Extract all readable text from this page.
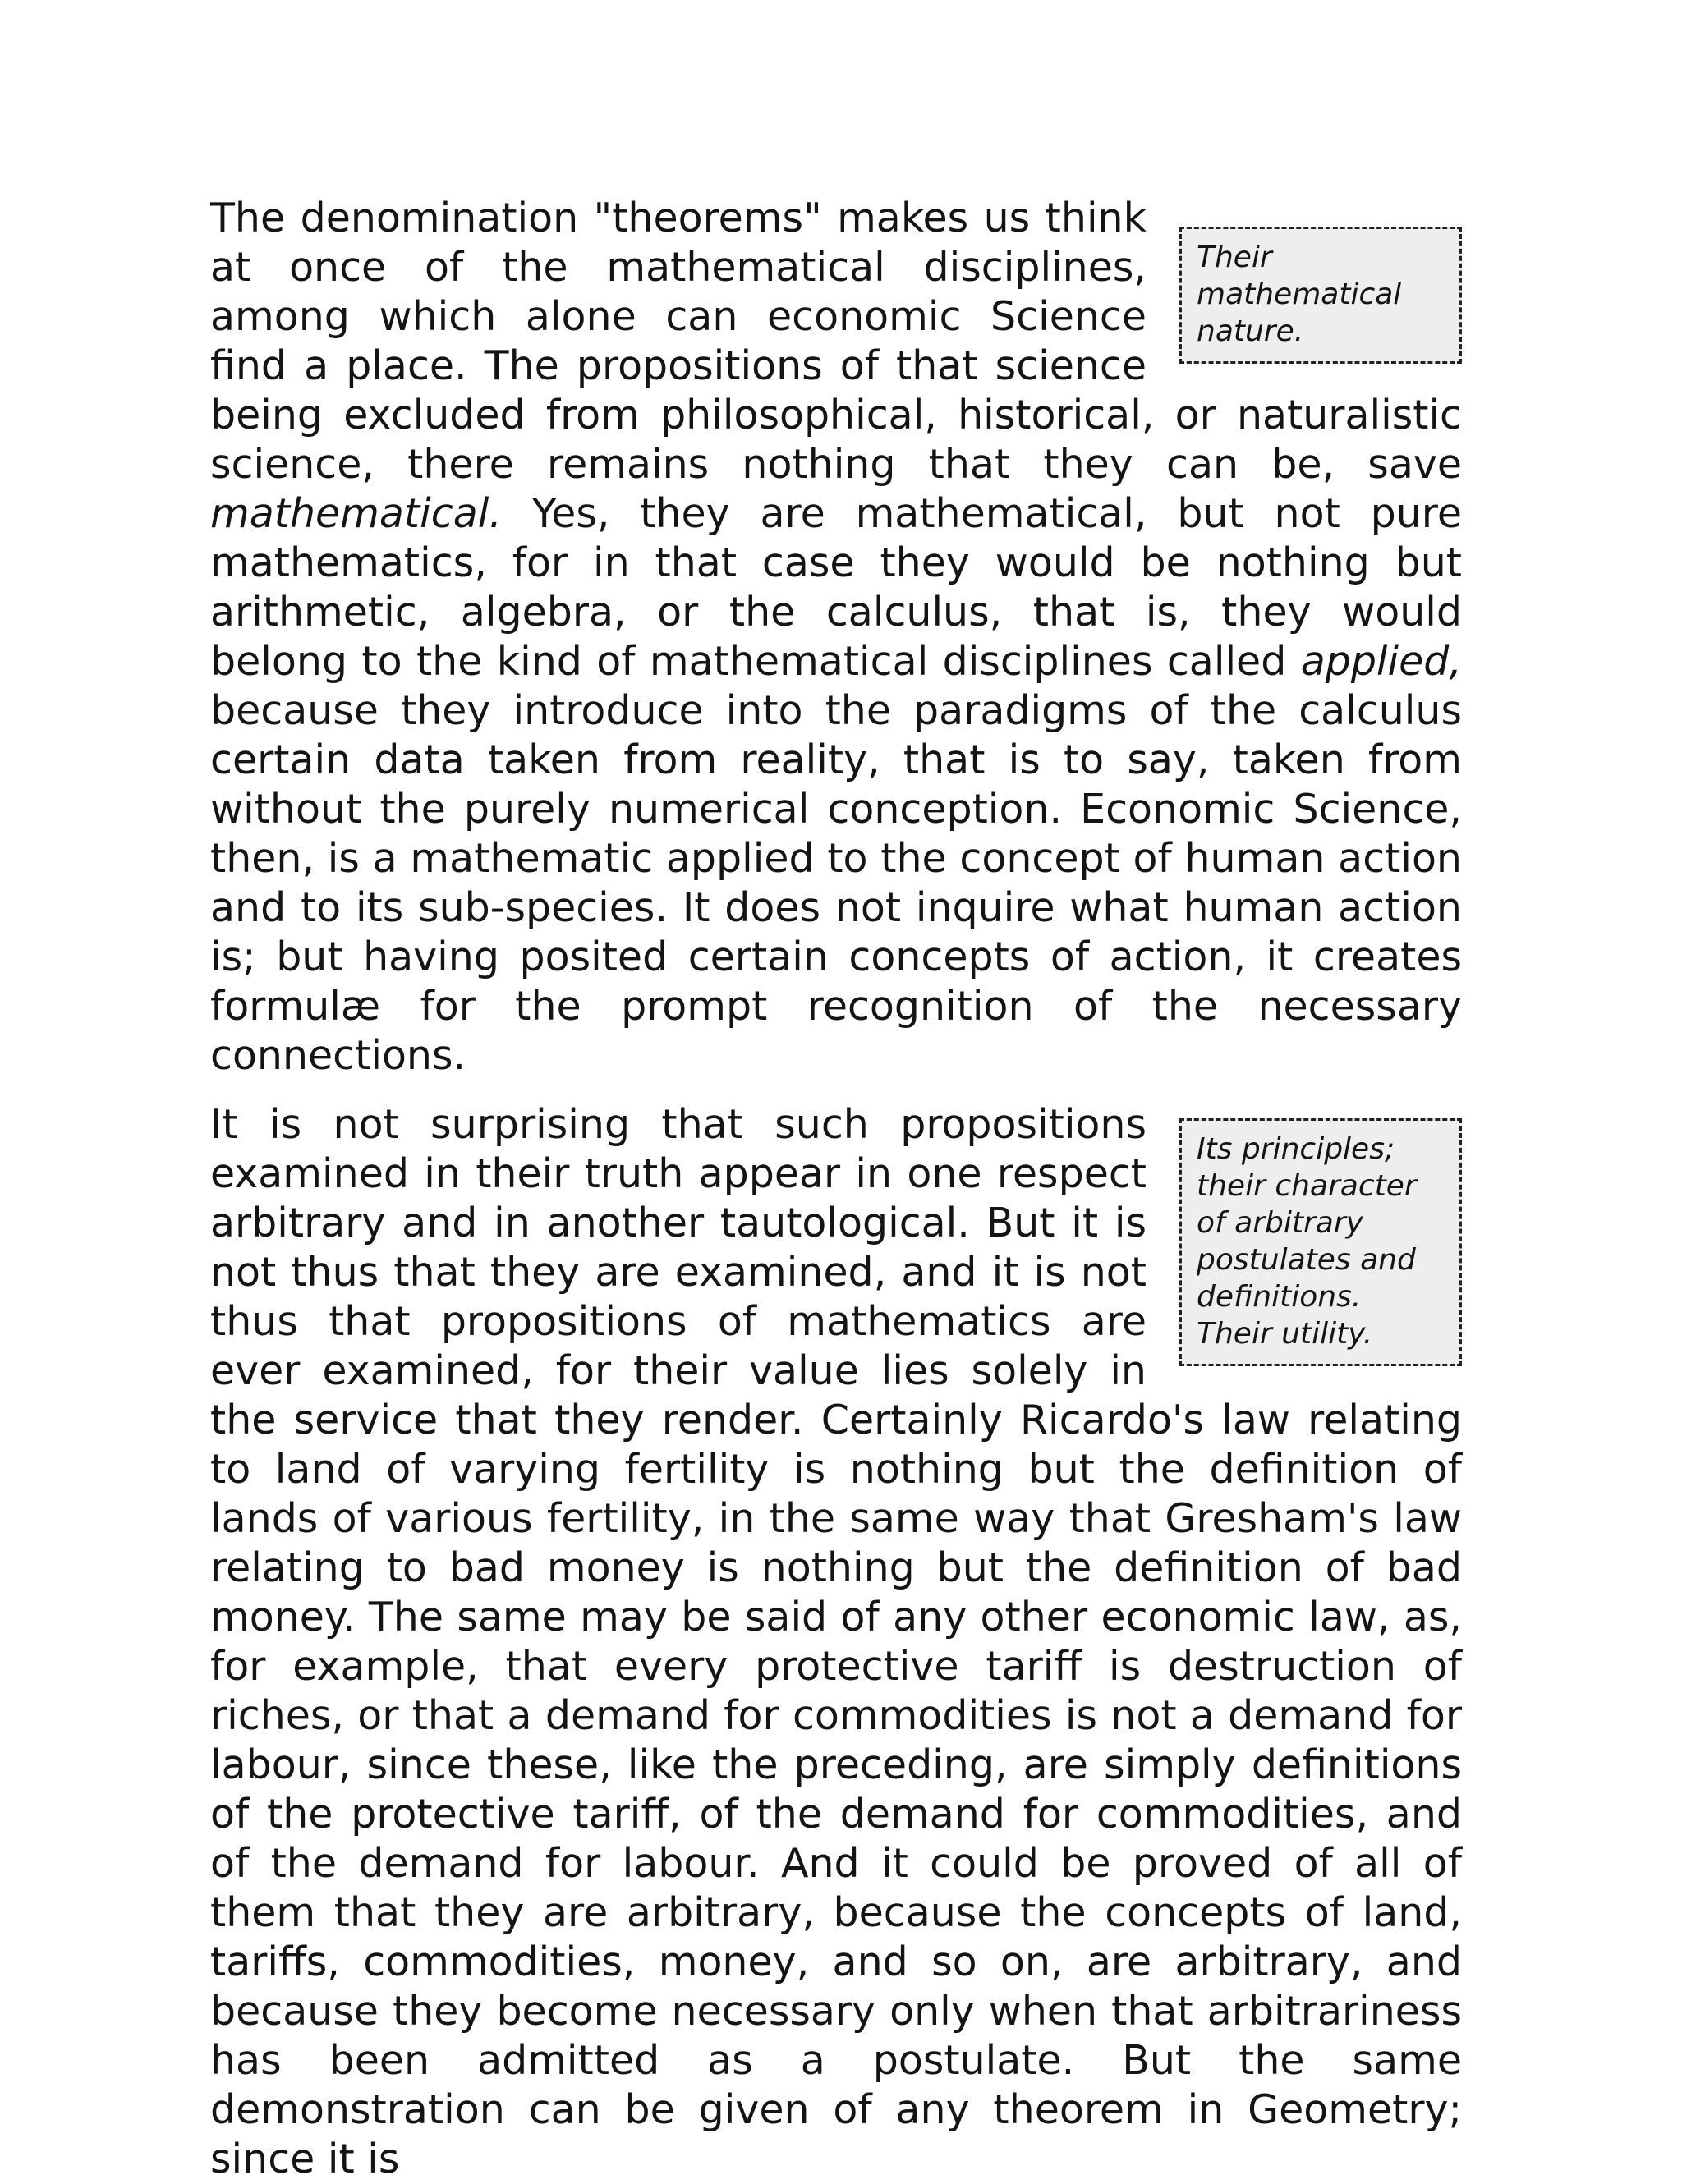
Their mathematical nature.
The denomination "theorems" makes us think at once of the mathematical disciplines, among which alone can economic Science find a place. The propositions of that science being excluded from philosophical, historical, or naturalistic science, there remains nothing that they can be, save mathematical. Yes, they are mathematical, but not pure mathematics, for in that case they would be nothing but arithmetic, algebra, or the calculus, that is, they would belong to the kind of mathematical disciplines called applied, because they introduce into the paradigms of the calculus certain data taken from reality, that is to say, taken from without the purely numerical conception. Economic Science, then, is a mathematic applied to the concept of human action and to its sub-species. It does not inquire what human action is; but having posited certain concepts of action, it creates formulæ for the prompt recognition of the necessary connections.

Its principles; their character of arbitrary postulates and definitions. Their utility.
It is not surprising that such propositions examined in their truth appear in one respect arbitrary and in another tautological. But it is not thus that they are examined, and it is not thus that propositions of mathematics are ever examined, for their value lies solely in the service that they render. Certainly Ricardo's law relating to land of varying fertility is nothing but the definition of lands of various fertility, in the same way that Gresham's law relating to bad money is nothing but the definition of bad money. The same may be said of any other economic law, as, for example, that every protective tariff is destruction of riches, or that a demand for commodities is not a demand for labour, since these, like the preceding, are simply definitions of the protective tariff, of the demand for commodities, and of the demand for labour. And it could be proved of all of them that they are arbitrary, because the concepts of land, tariffs, commodities, money, and so on, are arbitrary, and because they become necessary only when that arbitrariness has been admitted as a postulate. But the same demonstration can be given of any theorem in Geometry; since it is
